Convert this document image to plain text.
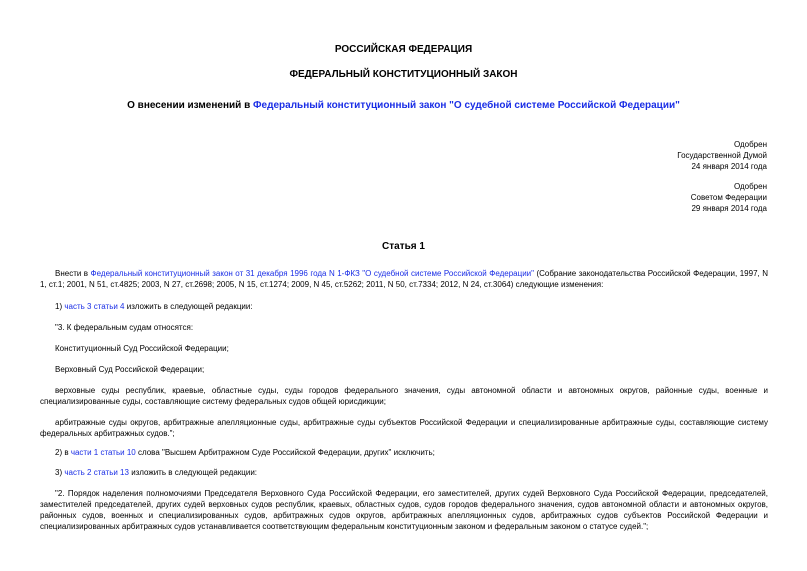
РОССИЙСКАЯ ФЕДЕРАЦИЯ
ФЕДЕРАЛЬНЫЙ КОНСТИТУЦИОННЫЙ ЗАКОН
О внесении изменений в Федеральный конституционный закон "О судебной системе Российской Федерации"
Одобрен
Государственной Думой
24 января 2014 года
Одобрен
Советом Федерации
29 января 2014 года
Статья 1
Внести в Федеральный конституционный закон от 31 декабря 1996 года N 1-ФКЗ "О судебной системе Российской Федерации" (Собрание законодательства Российской Федерации, 1997, N 1, ст.1; 2001, N 51, ст.4825; 2003, N 27, ст.2698; 2005, N 15, ст.1274; 2009, N 45, ст.5262; 2011, N 50, ст.7334; 2012, N 24, ст.3064) следующие изменения:
1) часть 3 статьи 4 изложить в следующей редакции:
"3. К федеральным судам относятся:
Конституционный Суд Российской Федерации;
Верховный Суд Российской Федерации;
верховные суды республик, краевые, областные суды, суды городов федерального значения, суды автономной области и автономных округов, районные суды, военные и специализированные суды, составляющие систему федеральных судов общей юрисдикции;
арбитражные суды округов, арбитражные апелляционные суды, арбитражные суды субъектов Российской Федерации и специализированные арбитражные суды, составляющие систему федеральных арбитражных судов.";
2) в части 1 статьи 10 слова "Высшем Арбитражном Суде Российской Федерации, других" исключить;
3) часть 2 статьи 13 изложить в следующей редакции:
"2. Порядок наделения полномочиями Председателя Верховного Суда Российской Федерации, его заместителей, других судей Верховного Суда Российской Федерации, председателей, заместителей председателей, других судей верховных судов республик, краевых, областных судов, судов городов федерального значения, судов автономной области и автономных округов, районных судов, военных и специализированных судов, арбитражных судов округов, арбитражных апелляционных судов, арбитражных судов субъектов Российской Федерации и специализированных арбитражных судов устанавливается соответствующим федеральным конституционным законом и федеральным законом о статусе судей.";
